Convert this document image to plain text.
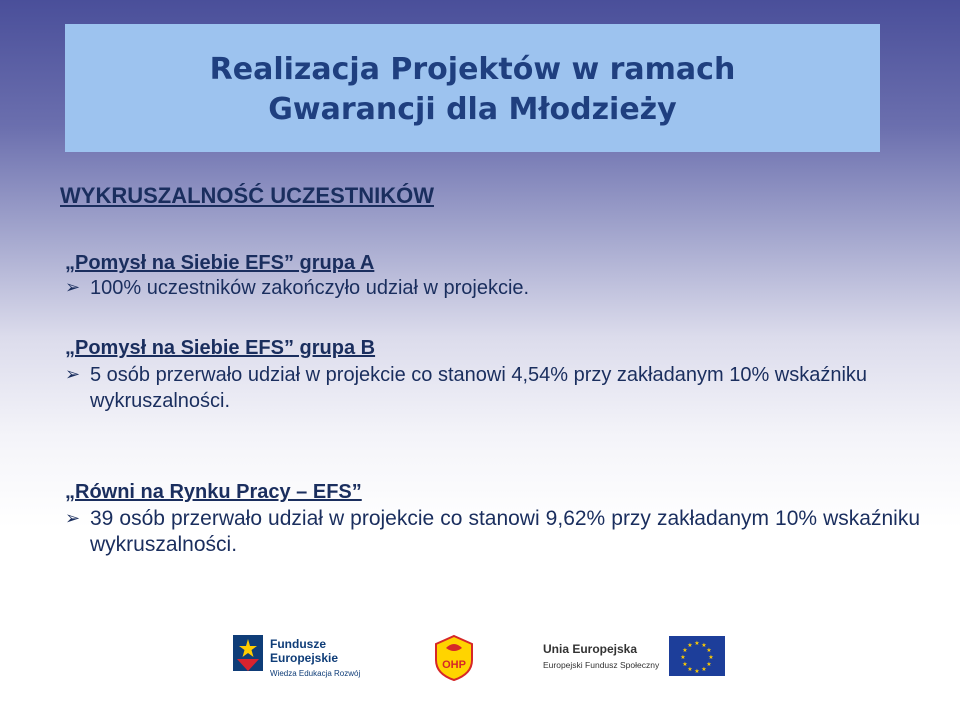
Realizacja Projektów w ramach
Gwarancji dla Młodzieży
WYKRUSZALNOŚĆ UCZESTNIKÓW
„Pomysł na Siebie EFS” grupa A
➢ 100% uczestników zakończyło udział w projekcie.
„Pomysł na Siebie EFS” grupa B
➢ 5 osób przerwało udział w projekcie co stanowi 4,54% przy zakładanym 10% wskaźniku wykruszalności.
„Równi na Rynku Pracy – EFS”
➢ 39 osób przerwało udział w projekcie co stanowi 9,62% przy zakładanym 10% wskaźniku wykruszalności.
Fundusze
Europejskie
Wiedza Edukacja Rozwój
OHP
Unia Europejska
Europejski Fundusz Społeczny
★ ★
★
★
★
★
★
★
★
★
★
★
